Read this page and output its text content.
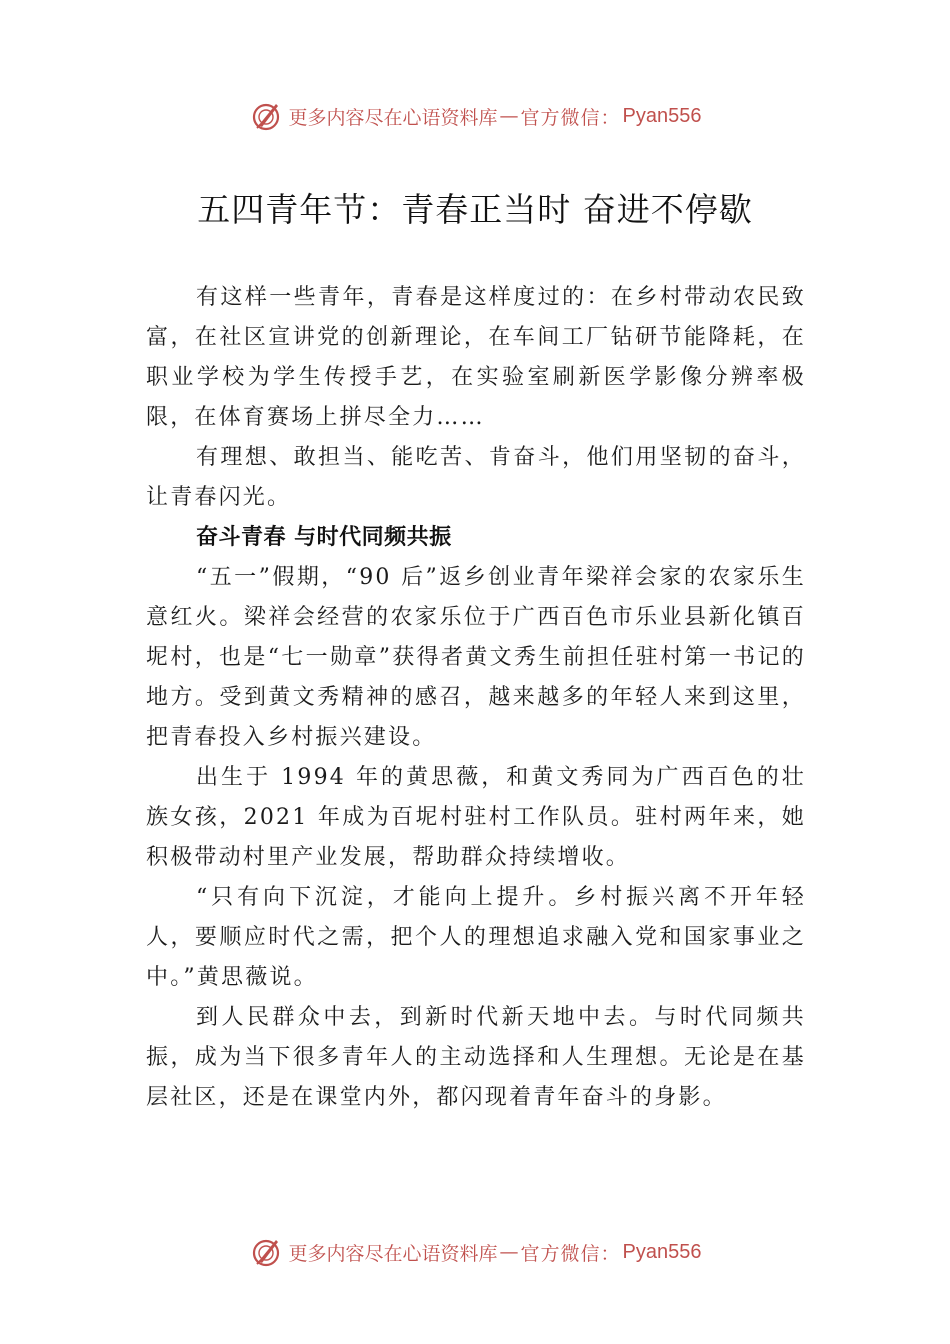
更多内容尽在心语资料库 — 官方微信： Pyan556
五四青年节：青春正当时 奋进不停歇

有这样一些青年，青春是这样度过的：在乡村带动农民致富，在社区宣讲党的创新理论，在车间工厂钻研节能降耗，在职业学校为学生传授手艺，在实验室刷新医学影像分辨率极限，在体育赛场上拼尽全力……

有理想、敢担当、能吃苦、肯奋斗，他们用坚韧的奋斗，让青春闪光。

奋斗青春 与时代同频共振

“五一”假期，“90 后”返乡创业青年梁祥会家的农家乐生意红火。梁祥会经营的农家乐位于广西百色市乐业县新化镇百坭村，也是“七一勋章”获得者黄文秀生前担任驻村第一书记的地方。受到黄文秀精神的感召，越来越多的年轻人来到这里，把青春投入乡村振兴建设。

出生于 1994 年的黄思薇，和黄文秀同为广西百色的壮族女孩，2021 年成为百坭村驻村工作队员。驻村两年来，她积极带动村里产业发展，帮助群众持续增收。

“只有向下沉淀，才能向上提升。乡村振兴离不开年轻人，要顺应时代之需，把个人的理想追求融入党和国家事业之中。”黄思薇说。

到人民群众中去，到新时代新天地中去。与时代同频共振，成为当下很多青年人的主动选择和人生理想。无论是在基层社区，还是在课堂内外，都闪现着青年奋斗的身影。

更多内容尽在心语资料库 — 官方微信： Pyan556
